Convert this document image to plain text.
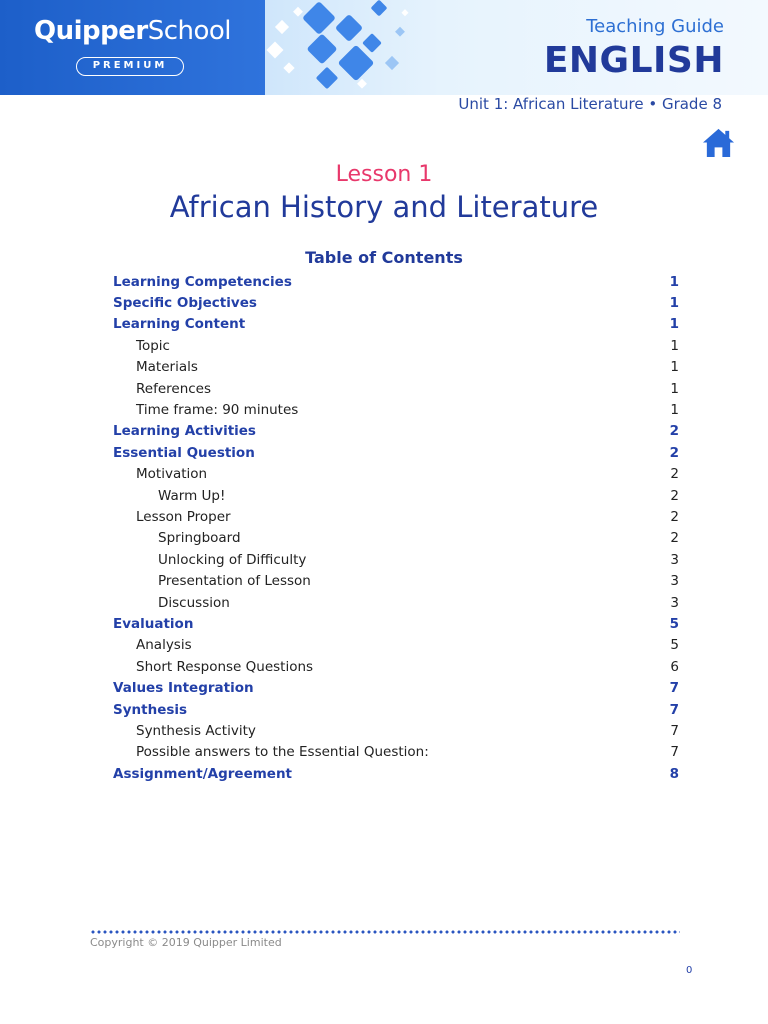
QuipperSchool
PREMIUM
Teaching Guide
ENGLISH
Unit 1: African Literature • Grade 8
Lesson 1
African History and Literature
Table of Contents
Learning Competencies	1
Specific Objectives	1
Learning Content	1
Topic	1
Materials	1
References	1
Time frame: 90 minutes	1
Learning Activities	2
Essential Question	2
Motivation	2
Warm Up!	2
Lesson Proper	2
Springboard	2
Unlocking of Difficulty	3
Presentation of Lesson	3
Discussion	3
Evaluation	5
Analysis	5
Short Response Questions	6
Values Integration	7
Synthesis	7
Synthesis Activity	7
Possible answers to the Essential Question:	7
Assignment/Agreement	8
Copyright © 2019 Quipper Limited
0
